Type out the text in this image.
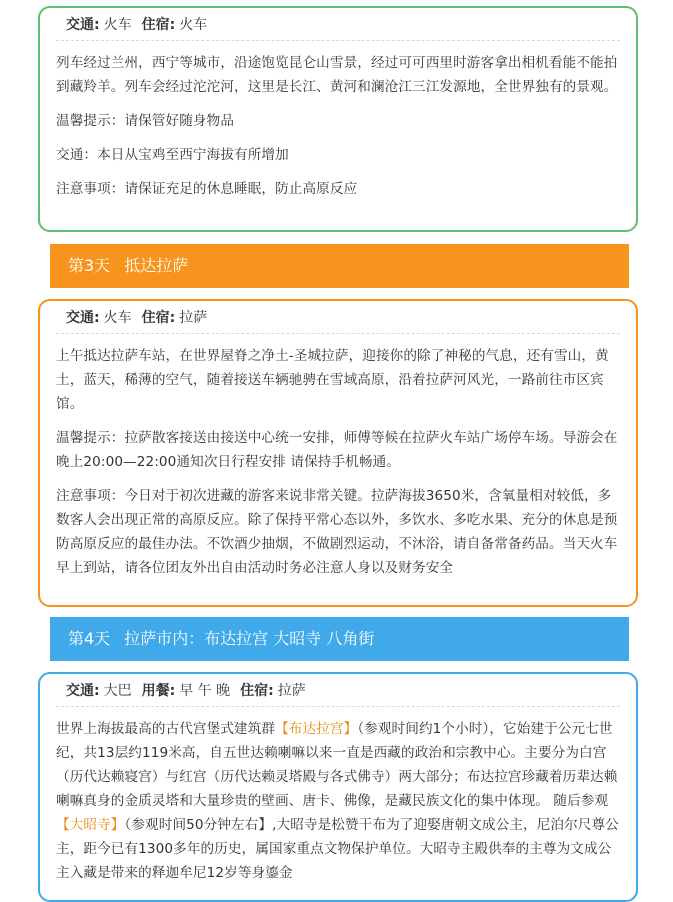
交通: 火车 住宿: 火车

列车经过兰州，西宁等城市，沿途饱览昆仑山雪景，经过可可西里时游客拿出相机看能不能拍到藏羚羊。列车会经过沱沱河，这里是长江、黄河和澜沧江三江发源地，全世界独有的景观。

温馨提示：请保管好随身物品

交通：本日从宝鸡至西宁海拔有所增加

注意事项：请保证充足的休息睡眠，防止高原反应

第3天 抵达拉萨
交通: 火车 住宿: 拉萨

上午抵达拉萨车站，在世界屋脊之净土-圣城拉萨，迎接你的除了神秘的气息，还有雪山，黄土，蓝天，稀薄的空气，随着接送车辆驰骋在雪域高原，沿着拉萨河风光，一路前往市区宾馆。

温馨提示：拉萨散客接送由接送中心统一安排，师傅等候在拉萨火车站广场停车场。导游会在晚上20:00—22:00通知次日行程安排 请保持手机畅通。

注意事项：今日对于初次进藏的游客来说非常关键。拉萨海拔3650米，含氧量相对较低，多数客人会出现正常的高原反应。除了保持平常心态以外，多饮水、多吃水果、充分的休息是预防高原反应的最佳办法。不饮酒少抽烟，不做剧烈运动，不沐浴，请自备常备药品。当天火车早上到站，请各位团友外出自由活动时务必注意人身以及财务安全

第4天 拉萨市内：布达拉宫 大昭寺 八角街
交通: 大巴 用餐: 早 午 晚 住宿: 拉萨

世界上海拔最高的古代宫堡式建筑群【布达拉宫】（参观时间约1个小时），它始建于公元七世纪，共13层约119米高，自五世达赖喇嘛以来一直是西藏的政治和宗教中心。主要分为白宫（历代达赖寝宫）与红宫（历代达赖灵塔殿与各式佛寺）两大部分；布达拉宫珍藏着历辈达赖喇嘛真身的金质灵塔和大量珍贵的壁画、唐卡、佛像，是藏民族文化的集中体现。 随后参观【大昭寺】（参观时间50分钟左右】,大昭寺是松赞干布为了迎娶唐朝文成公主，尼泊尔尺尊公主，距今已有1300多年的历史，属国家重点文物保护单位。大昭寺主殿供奉的主尊为文成公主入藏是带来的释迦牟尼12岁等身鎏金
